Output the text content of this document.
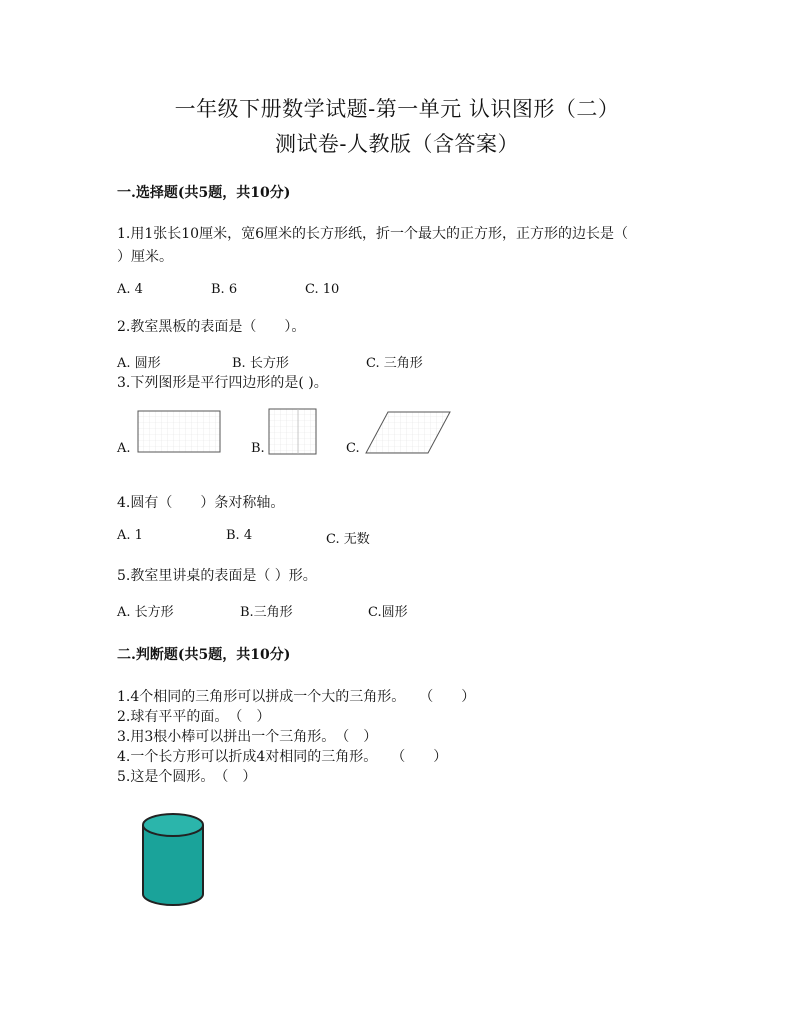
一年级下册数学试题-第一单元 认识图形（二）
测试卷-人教版（含答案）
一.选择题(共5题，共10分)
1.用1张长10厘米，宽6厘米的长方形纸，折一个最大的正方形，正方形的边长是（
）厘米。
A. 4	B. 6	C. 10
2.教室黑板的表面是（　　）。
A. 圆形	B. 长方形	C. 三角形
3.下列图形是平行四边形的是( )。
A.	B.	C.
4.圆有（　　）条对称轴。
A. 1	B. 4	C. 无数
5.教室里讲桌的表面是（ ）形。
A. 长方形	B.三角形	C.圆形
二.判断题(共5题，共10分)
1.4个相同的三角形可以拼成一个大的三角形。　　（　　）
2.球有平平的面。　（　）
3.用3根小棒可以拼出一个三角形。　（　）
4.一个长方形可以折成4对相同的三角形。　　（　　）
5.这是个圆形。　（　）
